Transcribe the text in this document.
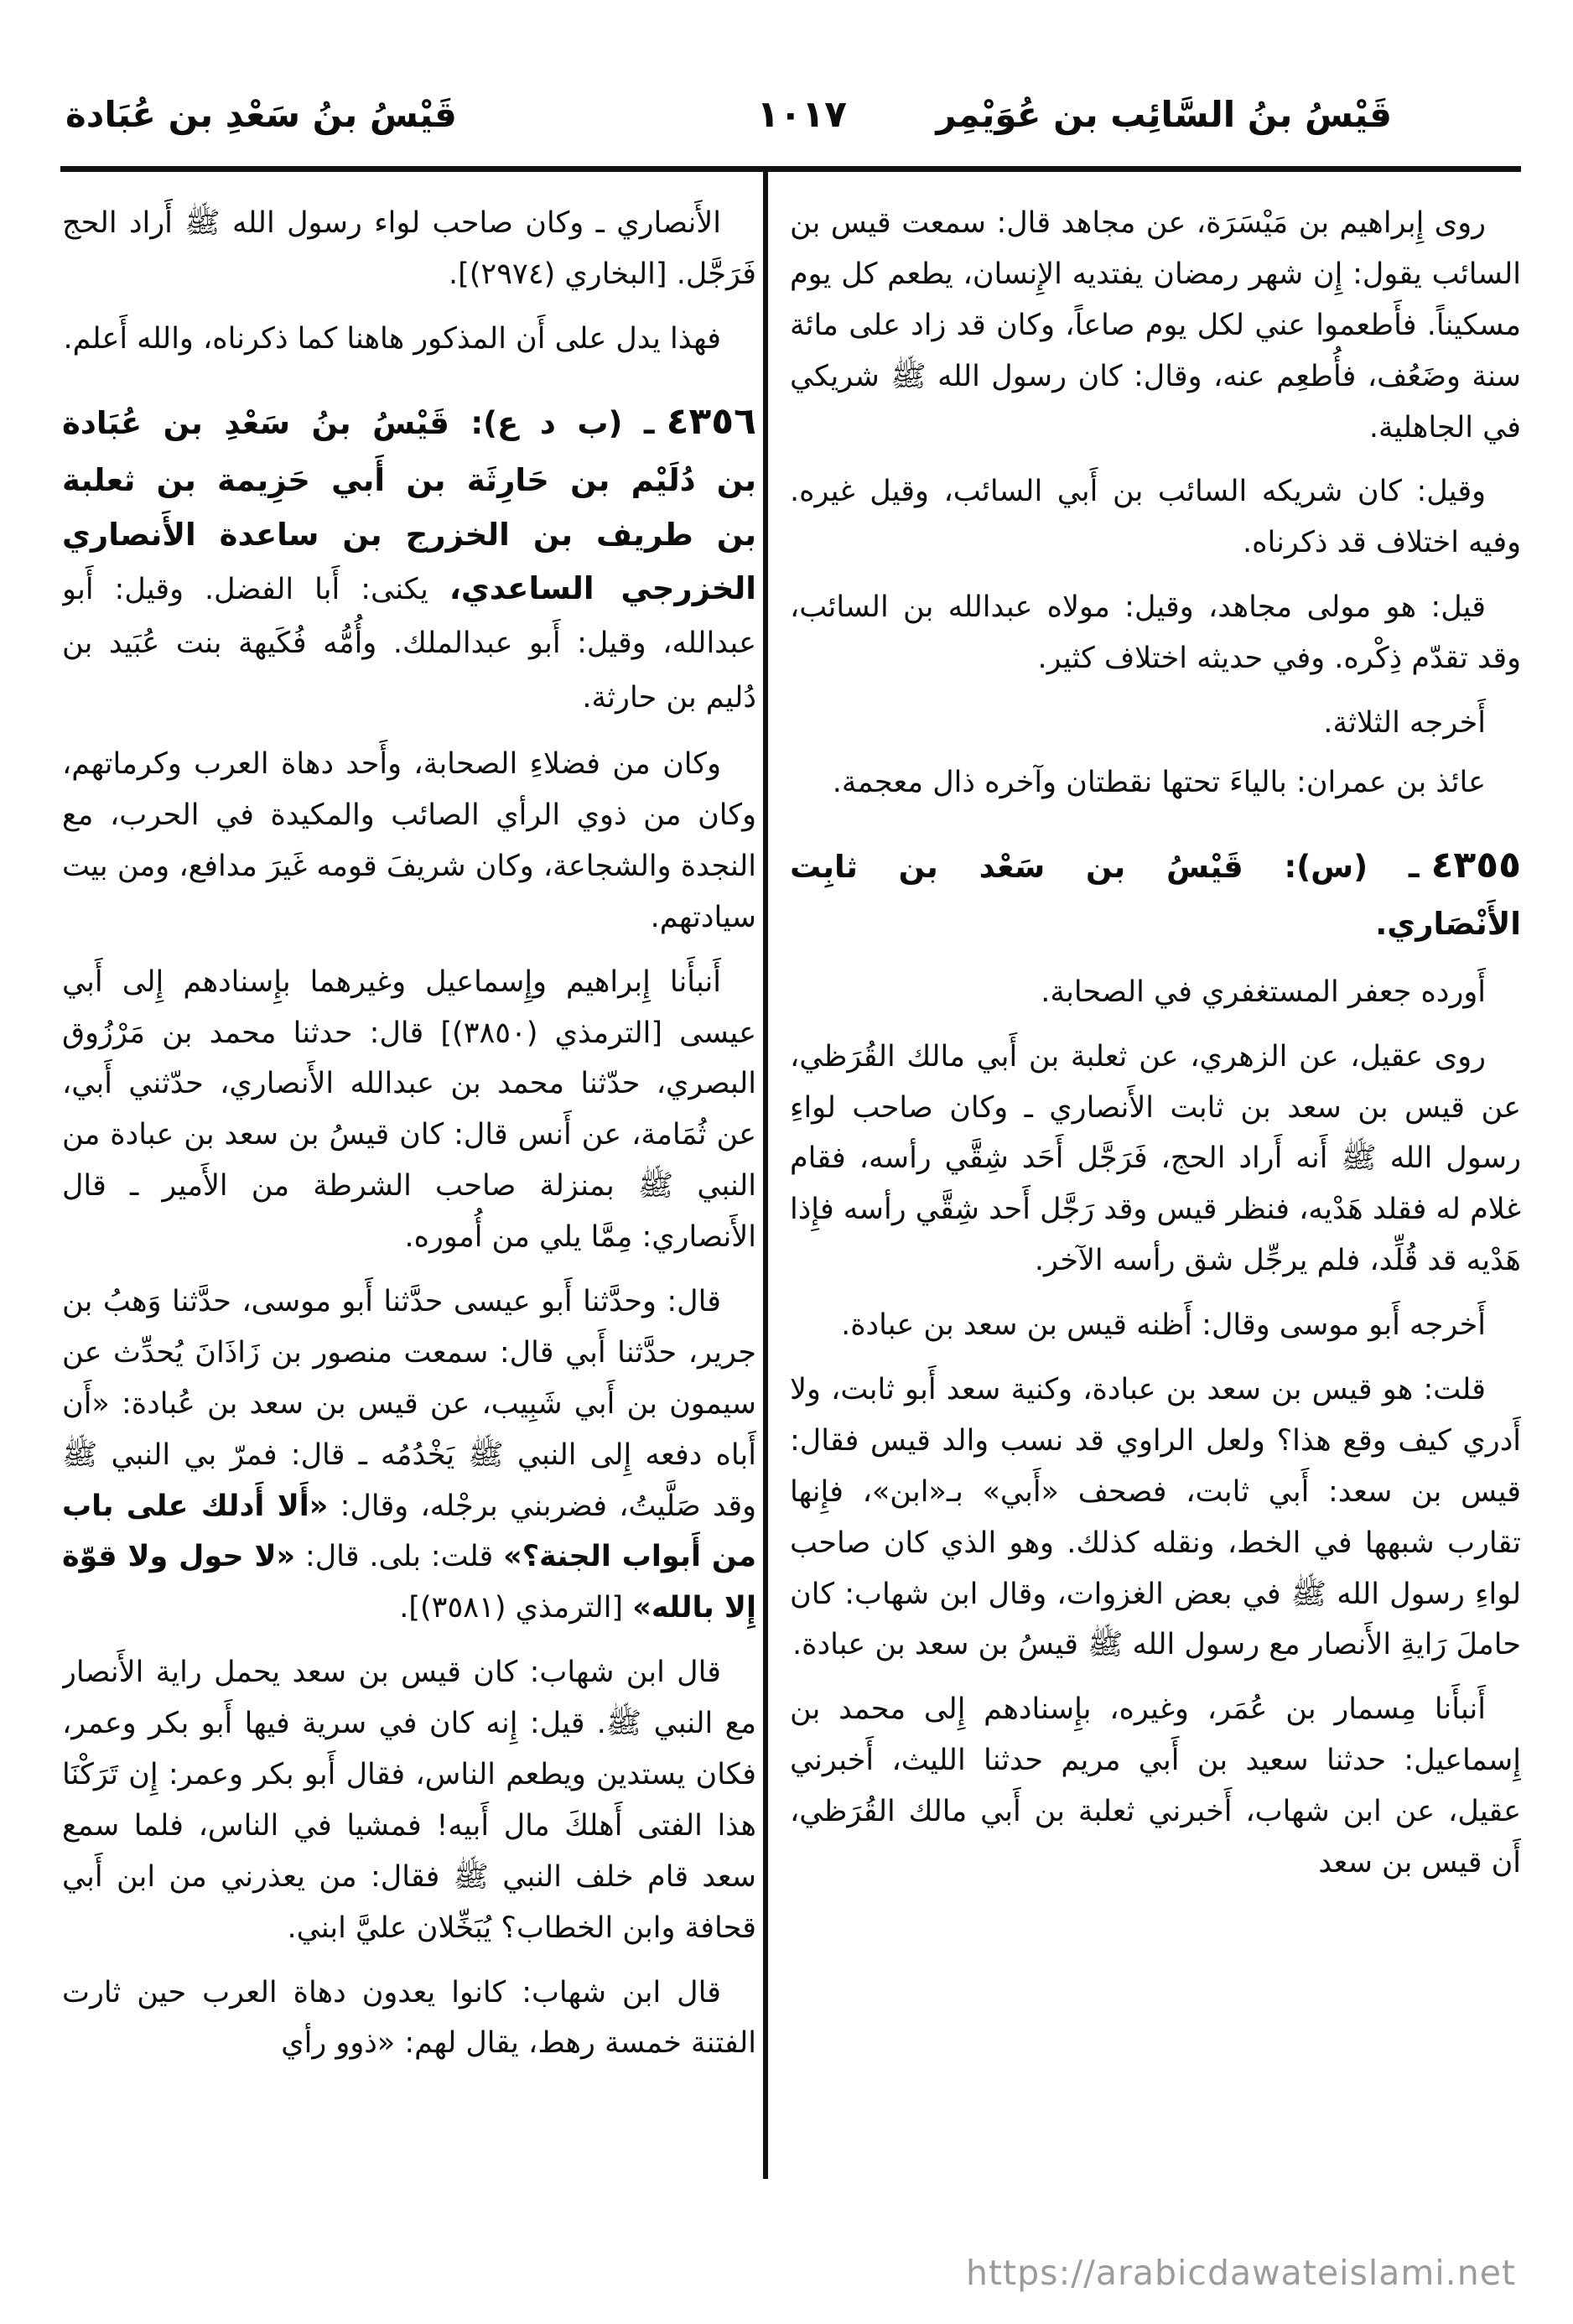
قَيْسُ بنُ السَّائِب بن عُوَيْمِر
١٠١٧
قَيْسُ بنُ سَعْدِ بن عُبَادة

روى إِبراهيم بن مَيْسَرَة، عن مجاهد قال: سمعت قيس بن السائب يقول: إِن شهر رمضان يفتديه الإِنسان، يطعم كل يوم مسكيناً. فأَطعموا عني لكل يوم صاعاً، وكان قد زاد على مائة سنة وضَعُف، فأُطعِم عنه، وقال: كان رسول الله ﷺ شريكي في الجاهلية.

وقيل: كان شريكه السائب بن أَبي السائب، وقيل غيره. وفيه اختلاف قد ذكرناه.

قيل: هو مولى مجاهد، وقيل: مولاه عبدالله بن السائب، وقد تقدّم ذِكْره. وفي حديثه اختلاف كثير.

أَخرجه الثلاثة.

عائذ بن عمران: بالياءَ تحتها نقطتان وآخره ذال معجمة.

٤٣٥٥ـ (س): قَيْسُ بن سَعْد بن ثابِت الأَنْصَاري.

أَورده جعفر المستغفري في الصحابة.

روى عقيل، عن الزهري، عن ثعلبة بن أَبي مالك القُرَظي، عن قيس بن سعد بن ثابت الأَنصاري ـ وكان صاحب لواءِ رسول الله ﷺ أَنه أَراد الحج، فَرَجَّل أَحَد شِقَّي رأسه، فقام غلام له فقلد هَدْيه، فنظر قيس وقد رَجَّل أَحد شِقَّي رأسه فإِذا هَدْيه قد قُلِّد، فلم يرجِّل شق رأسه الآخر.

أَخرجه أَبو موسى وقال: أَظنه قيس بن سعد بن عبادة.

قلت: هو قيس بن سعد بن عبادة، وكنية سعد أَبو ثابت، ولا أَدري كيف وقع هذا؟ ولعل الراوي قد نسب والد قيس فقال: قيس بن سعد: أَبي ثابت، فصحف «أَبي» بـ«ابن»، فإِنها تقارب شبهها في الخط، ونقله كذلك. وهو الذي كان صاحب لواءِ رسول الله ﷺ في بعض الغزوات، وقال ابن شهاب: كان حاملَ رَايةِ الأَنصار مع رسول الله ﷺ قيسُ بن سعد بن عبادة.

أَنبأَنا مِسمار بن عُمَر، وغيره، بإِسنادهم إِلى محمد بن إِسماعيل: حدثنا سعيد بن أَبي مريم حدثنا الليث، أَخبرني عقيل، عن ابن شهاب، أَخبرني ثعلبة بن أَبي مالك القُرَظي، أَن قيس بن سعد

الأَنصاري ـ وكان صاحب لواء رسول الله ﷺ أَراد الحج فَرَجَّل. [البخاري (٢٩٧٤)].

فهذا يدل على أَن المذكور هاهنا كما ذكرناه، والله أَعلم.

٤٣٥٦ـ (ب د ع): قَيْسُ بنُ سَعْدِ بن عُبَادة بن دُلَيْم بن حَارِثَة بن أَبي حَزِيمة بن ثعلبة بن طريف بن الخزرج بن ساعدة الأَنصاري الخزرجي الساعدي، يكنى: أَبا الفضل. وقيل: أَبو عبدالله، وقيل: أَبو عبدالملك. وأُمُّه فُكَيهة بنت عُبَيد بن دُليم بن حارثة.

وكان من فضلاءِ الصحابة، وأَحد دهاة العرب وكرماتهم، وكان من ذوي الرأي الصائب والمكيدة في الحرب، مع النجدة والشجاعة، وكان شريفَ قومه غَيرَ مدافع، ومن بيت سيادتهم.

أَنبأَنا إِبراهيم وإِسماعيل وغيرهما بإِسنادهم إِلى أَبي عيسى [الترمذي (٣٨٥٠)] قال: حدثنا محمد بن مَرْزُوق البصري، حدّثنا محمد بن عبدالله الأَنصاري، حدّثني أَبي، عن ثُمَامة، عن أَنس قال: كان قيسُ بن سعد بن عبادة من النبي ﷺ بمنزلة صاحب الشرطة من الأَمير ـ قال الأَنصاري: مِمَّا يلي من أُموره.

قال: وحدَّثنا أَبو عيسى حدَّثنا أَبو موسى، حدَّثنا وَهبُ بن جرير، حدَّثنا أَبي قال: سمعت منصور بن زَاذَانَ يُحدِّث عن سيمون بن أَبي شَبِيب، عن قيس بن سعد بن عُبادة: «أَن أَباه دفعه إِلى النبي ﷺ يَخْدُمُه ـ قال: فمرّ بي النبي ﷺ وقد صَلَّيتُ، فضربني برجْله، وقال: «أَلا أَدلك على باب من أَبواب الجنة؟» قلت: بلى. قال: «لا حول ولا قوّة إِلا بالله» [الترمذي (٣٥٨١)].

قال ابن شهاب: كان قيس بن سعد يحمل راية الأَنصار مع النبي ﷺ. قيل: إِنه كان في سرية فيها أَبو بكر وعمر، فكان يستدين ويطعم الناس، فقال أَبو بكر وعمر: إِن تَرَكْنَا هذا الفتى أَهلكَ مال أَبيه! فمشيا في الناس، فلما سمع سعد قام خلف النبي ﷺ فقال: من يعذرني من ابن أَبي قحافة وابن الخطاب؟ يُبَخِّلان عليَّ ابني.

قال ابن شهاب: كانوا يعدون دهاة العرب حين ثارت الفتنة خمسة رهط، يقال لهم: «ذوو رأي

https://arabicdawateislami.net
